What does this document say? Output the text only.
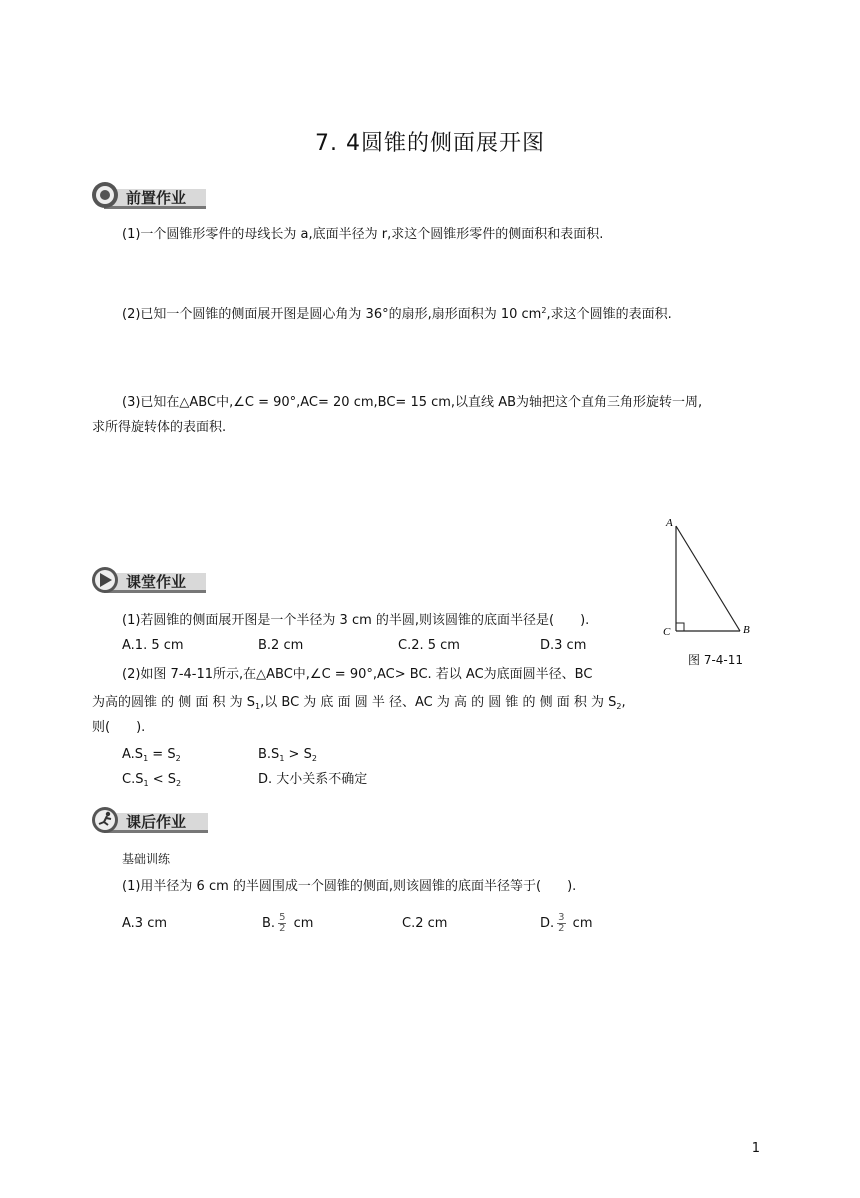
7. 4圆锥的侧面展开图
前置作业
(1)一个圆锥形零件的母线长为 a,底面半径为 r,求这个圆锥形零件的侧面积和表面积.
(2)已知一个圆锥的侧面展开图是圆心角为 36°的扇形,扇形面积为 10 $cm^2$,求这个圆锥的表面积.
(3)已知在△ABC中,∠C = 90°,AC= 20 cm,BC= 15 cm,以直线 AB为轴把这个直角三角形旋转一周,
求所得旋转体的表面积.
A
C	B
图 7-4-11
课堂作业
(1)若圆锥的侧面展开图是一个半径为 3 cm 的半圆,则该圆锥的底面半径是(　　).
A.1. 5 cm	B.2 cm	C.2. 5 cm	D.3 cm
(2)如图 7-4-11所示,在△ABC中,∠C = 90°,AC> BC. 若以 AC为底面圆半径、BC
为高的圆锥 的 侧 面 积 为 $S_1$,以 BC 为 底 面 圆 半 径、AC 为 高 的 圆 锥 的 侧 面 积 为 $S_2$,
则(　　).
$A.S_1 = S_2$	$B.S_1 > S_2$
$C.S_1 < S_2$	D. 大小关系不确定
课后作业
基础训练
(1)用半径为 6 cm 的半圆围成一个圆锥的侧面,则该圆锥的底面半径等于(　　).
A.3 cm	B. $\frac{5}{2}$ cm	C.2 cm	D. $\frac{3}{2}$ cm
1
